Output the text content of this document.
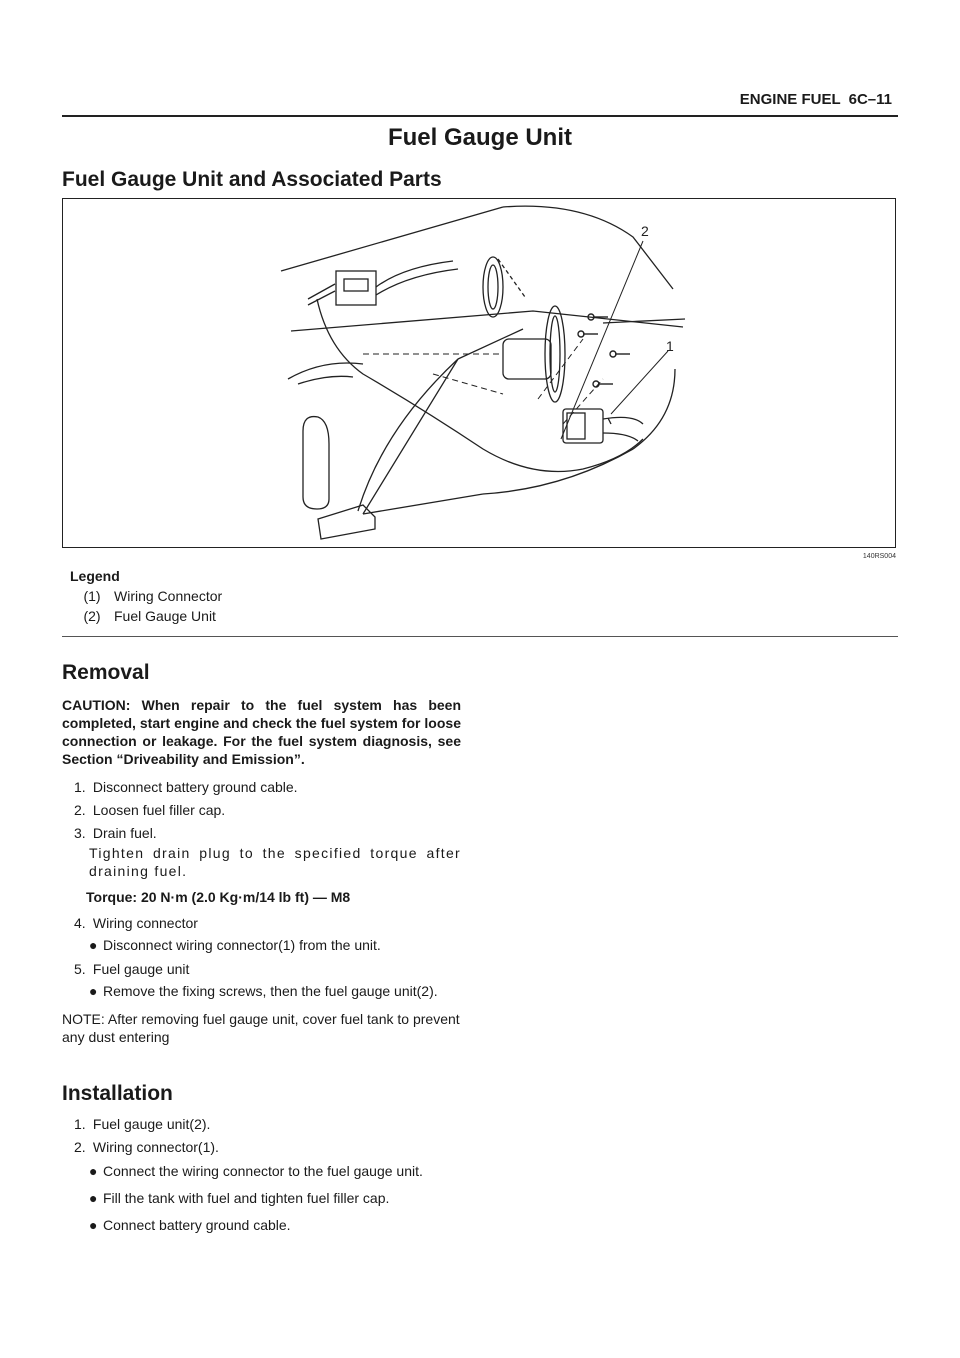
ENGINE FUEL 6C–11
Fuel Gauge Unit
Fuel Gauge Unit and Associated Parts
2
1
140RS004
Legend
(1) Wiring Connector
(2) Fuel Gauge Unit
Removal
CAUTION: When repair to the fuel system has been completed, start engine and check the fuel system for loose connection or leakage. For the fuel system diagnosis, see Section “Driveability and Emission”.
1. Disconnect battery ground cable.
2. Loosen fuel filler cap.
3. Drain fuel.
Tighten drain plug to the specified torque after draining fuel.
Torque: 20 N·m (2.0 Kg·m/14 lb ft) — M8
4. Wiring connector
● Disconnect wiring connector(1) from the unit.
5. Fuel gauge unit
● Remove the fixing screws, then the fuel gauge unit(2).
NOTE: After removing fuel gauge unit, cover fuel tank to prevent any dust entering
Installation
1. Fuel gauge unit(2).
2. Wiring connector(1).
● Connect the wiring connector to the fuel gauge unit.
● Fill the tank with fuel and tighten fuel filler cap.
● Connect battery ground cable.
